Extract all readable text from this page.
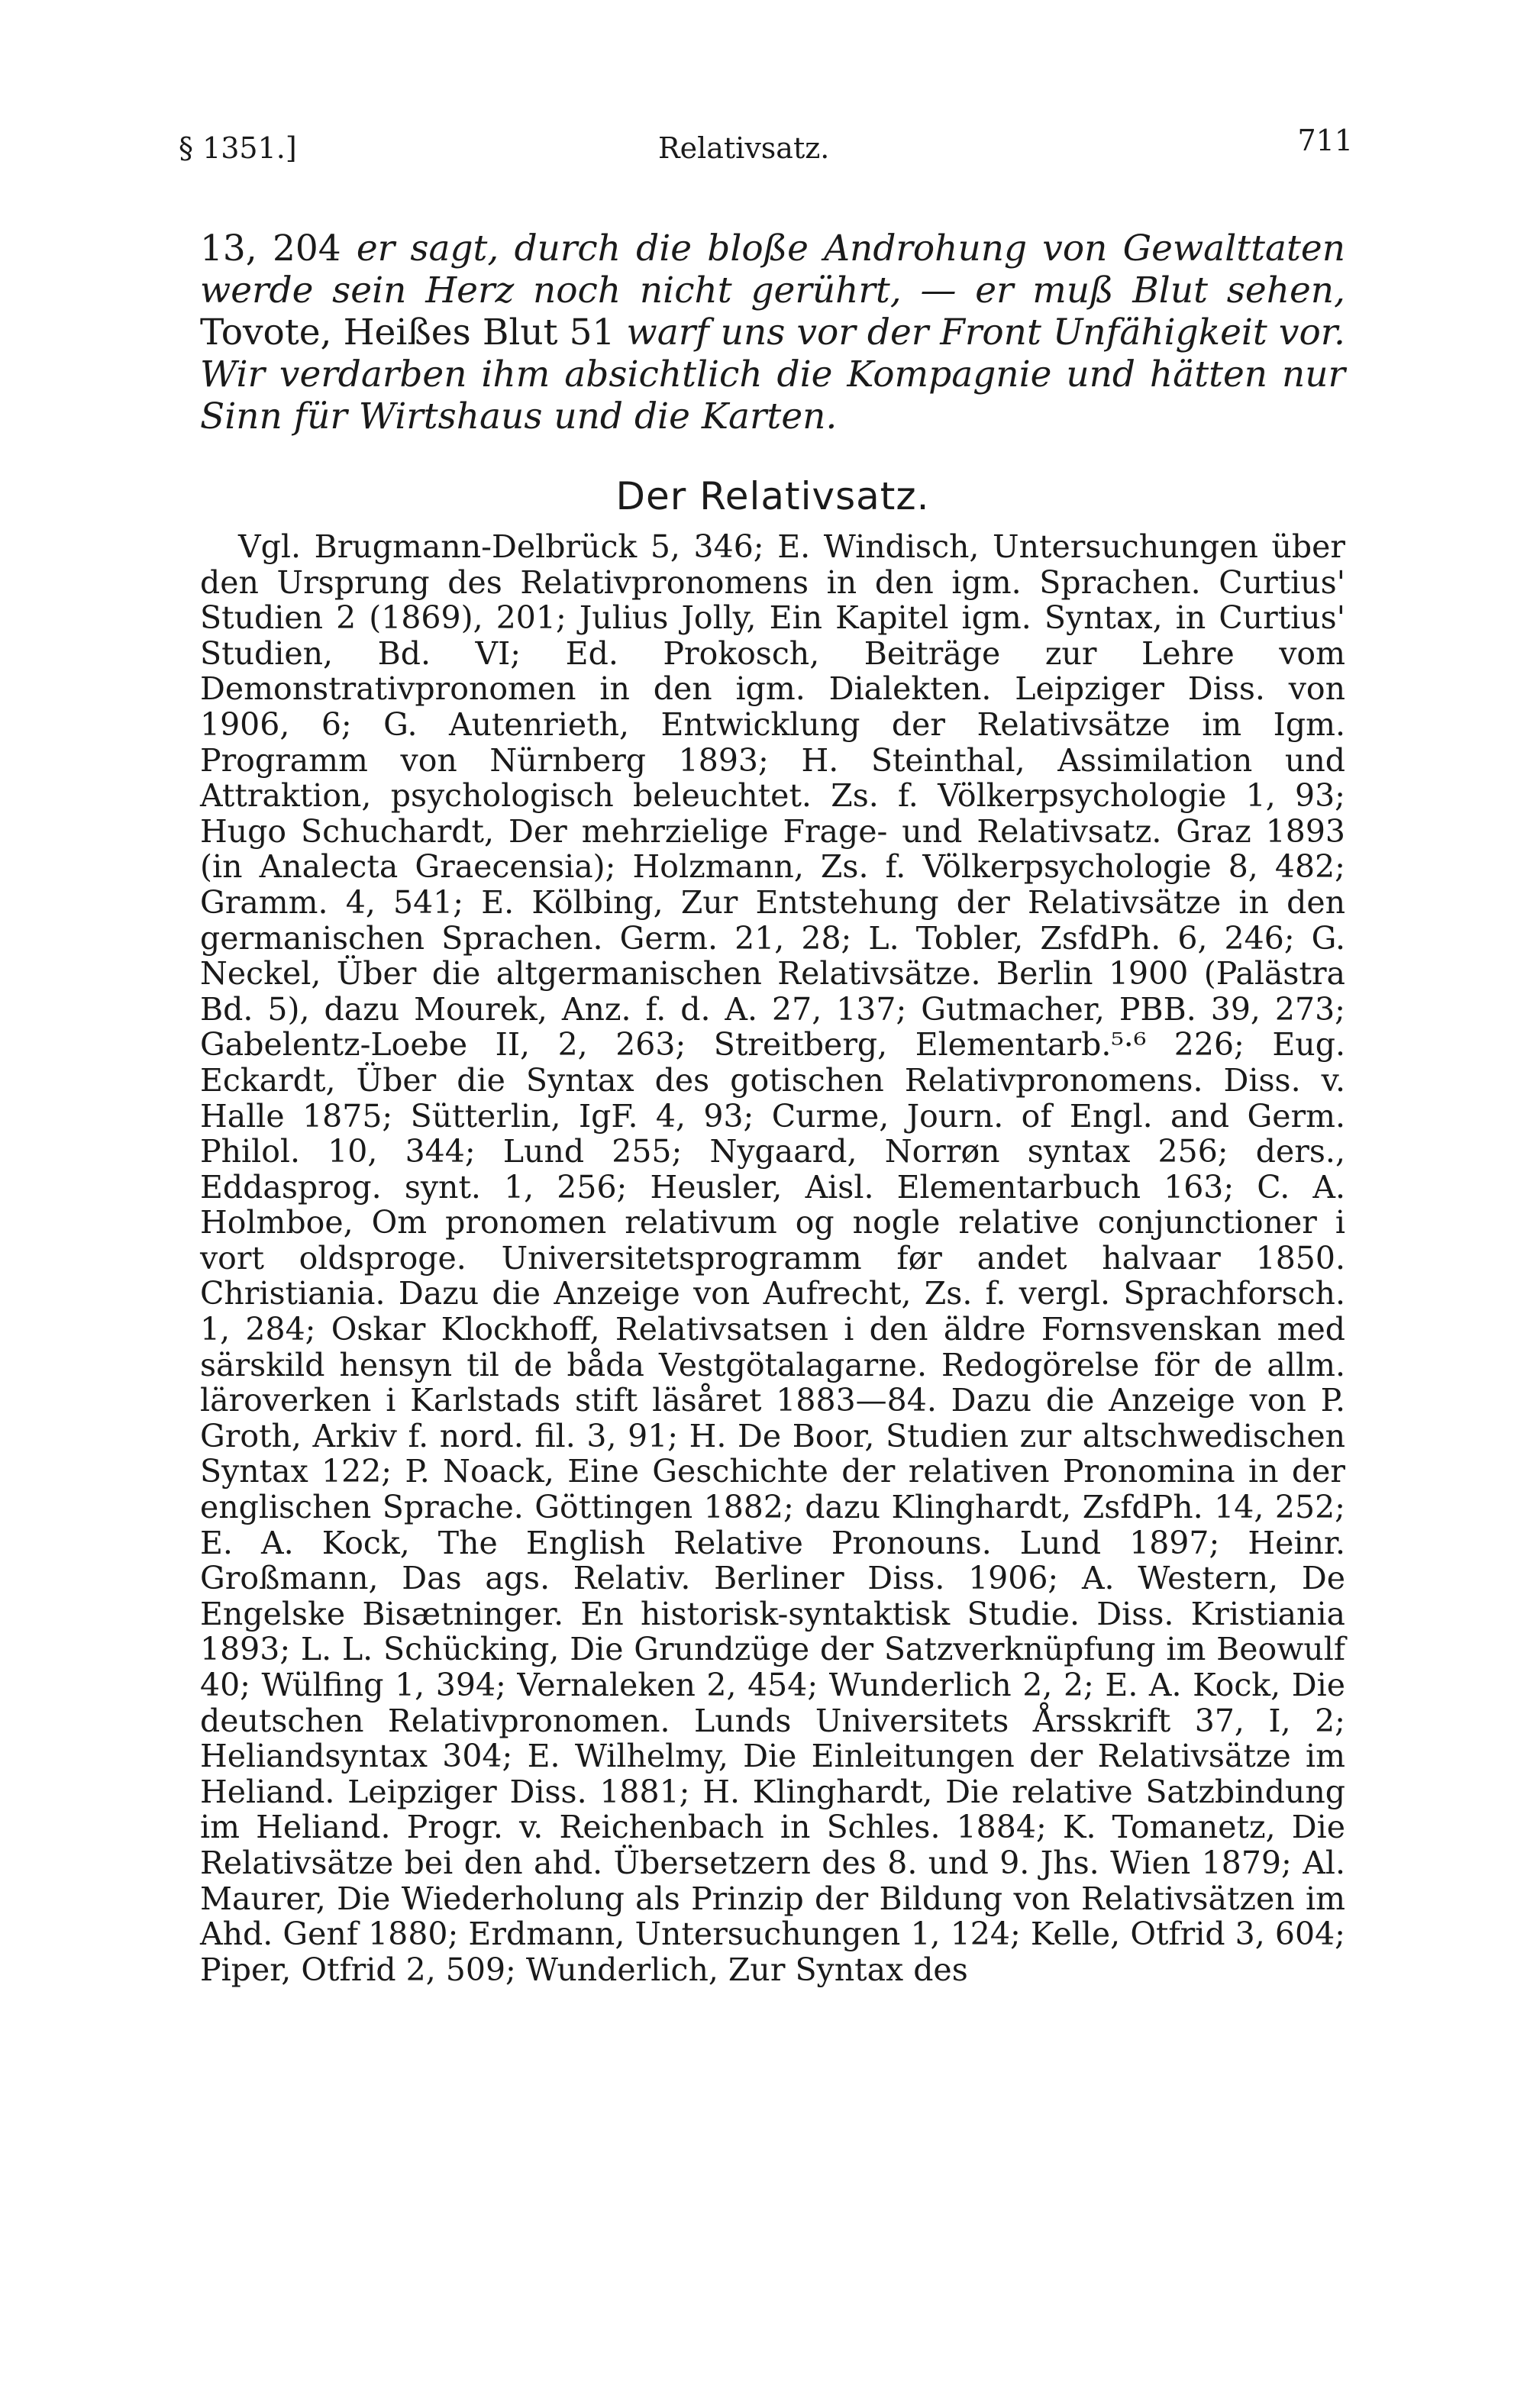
§ 1351.]	Relativsatz.	711

13, 204 er sagt, durch die bloße Androhung von Gewalttaten werde sein Herz noch nicht gerührt, — er muß Blut sehen, Tovote, Heißes Blut 51 warf uns vor der Front Unfähigkeit vor. Wir verdarben ihm absichtlich die Kompagnie und hätten nur Sinn für Wirtshaus und die Karten.

Der Relativsatz.

Vgl. Brugmann-Delbrück 5, 346; E. Windisch, Untersuchungen über den Ursprung des Relativpronomens in den igm. Sprachen. Curtius' Studien 2 (1869), 201; Julius Jolly, Ein Kapitel igm. Syntax, in Curtius' Studien, Bd. VI; Ed. Prokosch, Beiträge zur Lehre vom Demonstrativpronomen in den igm. Dialekten. Leipziger Diss. von 1906, 6; G. Autenrieth, Entwicklung der Relativsätze im Igm. Programm von Nürnberg 1893; H. Steinthal, Assimilation und Attraktion, psychologisch beleuchtet. Zs. f. Völkerpsychologie 1, 93; Hugo Schuchardt, Der mehrzielige Frage- und Relativsatz. Graz 1893 (in Analecta Graecensia); Holzmann, Zs. f. Völkerpsychologie 8, 482; Gramm. 4, 541; E. Kölbing, Zur Entstehung der Relativsätze in den germanischen Sprachen. Germ. 21, 28; L. Tobler, ZsfdPh. 6, 246; G. Neckel, Über die altgermanischen Relativsätze. Berlin 1900 (Palästra Bd. 5), dazu Mourek, Anz. f. d. A. 27, 137; Gutmacher, PBB. 39, 273; Gabelentz-Loebe II, 2, 263; Streitberg, Elementarb.⁵·⁶ 226; Eug. Eckardt, Über die Syntax des gotischen Relativpronomens. Diss. v. Halle 1875; Sütterlin, IgF. 4, 93; Curme, Journ. of Engl. and Germ. Philol. 10, 344; Lund 255; Nygaard, Norrøn syntax 256; ders., Eddasprog. synt. 1, 256; Heusler, Aisl. Elementarbuch 163; C. A. Holmboe, Om pronomen relativum og nogle relative conjunctioner i vort oldsproge. Universitetsprogramm før andet halvaar 1850. Christiania. Dazu die Anzeige von Aufrecht, Zs. f. vergl. Sprachforsch. 1, 284; Oskar Klockhoff, Relativsatsen i den äldre Fornsvenskan med särskild hensyn til de båda Vestgötalagarne. Redogörelse för de allm. läroverken i Karlstads stift läsåret 1883—84. Dazu die Anzeige von P. Groth, Arkiv f. nord. fil. 3, 91; H. De Boor, Studien zur altschwedischen Syntax 122; P. Noack, Eine Geschichte der relativen Pronomina in der englischen Sprache. Göttingen 1882; dazu Klinghardt, ZsfdPh. 14, 252; E. A. Kock, The English Relative Pronouns. Lund 1897; Heinr. Großmann, Das ags. Relativ. Berliner Diss. 1906; A. Western, De Engelske Bisætninger. En historisk-syntaktisk Studie. Diss. Kristiania 1893; L. L. Schücking, Die Grundzüge der Satzverknüpfung im Beowulf 40; Wülfing 1, 394; Vernaleken 2, 454; Wunderlich 2, 2; E. A. Kock, Die deutschen Relativpronomen. Lunds Universitets Årsskrift 37, I, 2; Heliandsyntax 304; E. Wilhelmy, Die Einleitungen der Relativsätze im Heliand. Leipziger Diss. 1881; H. Klinghardt, Die relative Satzbindung im Heliand. Progr. v. Reichenbach in Schles. 1884; K. Tomanetz, Die Relativsätze bei den ahd. Übersetzern des 8. und 9. Jhs. Wien 1879; Al. Maurer, Die Wiederholung als Prinzip der Bildung von Relativsätzen im Ahd. Genf 1880; Erdmann, Untersuchungen 1, 124; Kelle, Otfrid 3, 604; Piper, Otfrid 2, 509; Wunderlich, Zur Syntax des
